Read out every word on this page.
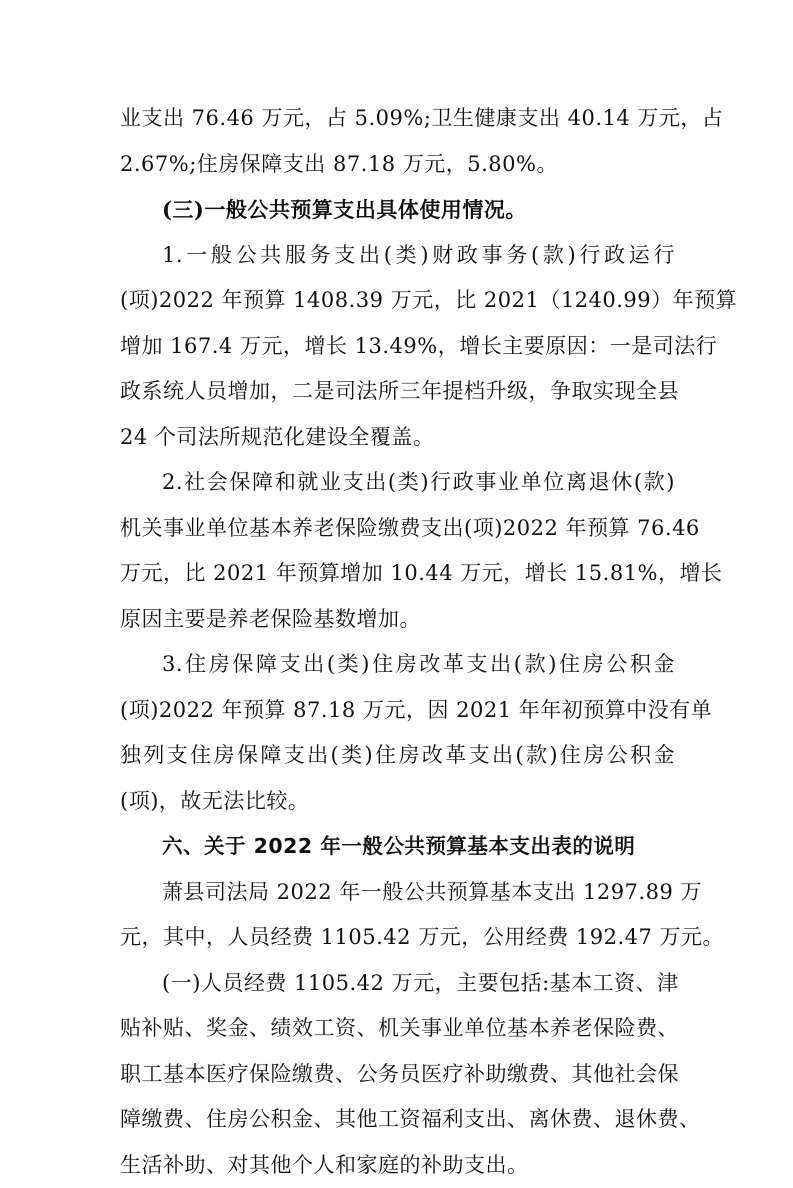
业支出 76.46 万元，占 5.09%;卫生健康支出 40.14 万元，占
2.67%;住房保障支出 87.18 万元，5.80%。
(三)一般公共预算支出具体使用情况。
1.一般公共服务支出(类)财政事务(款)行政运行
(项)2022 年预算 1408.39 万元，比 2021（1240.99）年预算
增加 167.4 万元，增长 13.49%，增长主要原因：一是司法行
政系统人员增加，二是司法所三年提档升级，争取实现全县
24 个司法所规范化建设全覆盖。
2.社会保障和就业支出(类)行政事业单位离退休(款)
机关事业单位基本养老保险缴费支出(项)2022 年预算 76.46
万元，比 2021 年预算增加 10.44 万元，增长 15.81%，增长
原因主要是养老保险基数增加。
3.住房保障支出(类)住房改革支出(款)住房公积金
(项)2022 年预算 87.18 万元，因 2021 年年初预算中没有单
独列支住房保障支出(类)住房改革支出(款)住房公积金
(项)，故无法比较。
六、关于 2022 年一般公共预算基本支出表的说明
萧县司法局 2022 年一般公共预算基本支出 1297.89 万
元，其中，人员经费 1105.42 万元，公用经费 192.47 万元。
(一)人员经费 1105.42 万元，主要包括:基本工资、津
贴补贴、奖金、绩效工资、机关事业单位基本养老保险费、
职工基本医疗保险缴费、公务员医疗补助缴费、其他社会保
障缴费、住房公积金、其他工资福利支出、离休费、退休费、
生活补助、对其他个人和家庭的补助支出。
